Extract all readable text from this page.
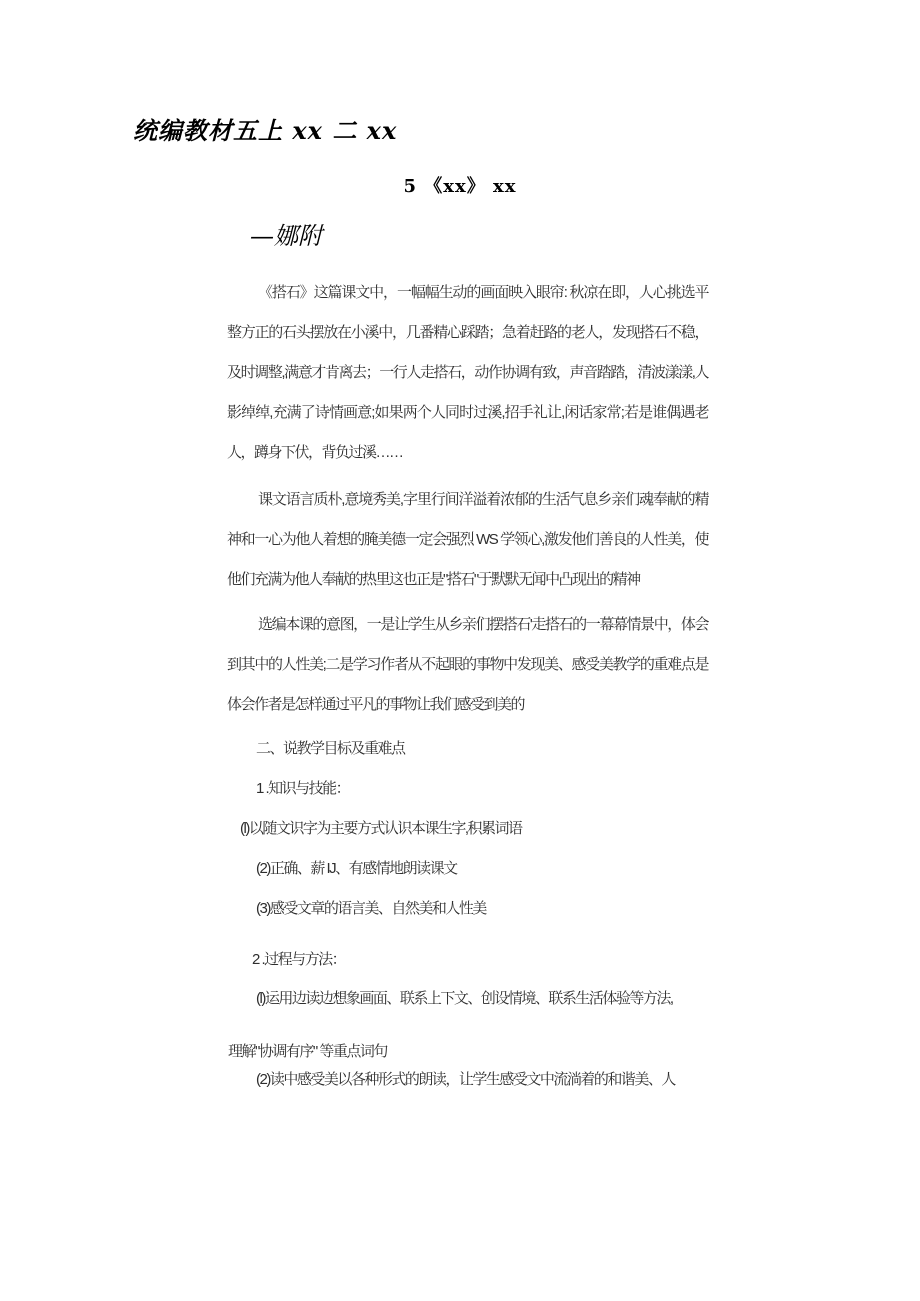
统编教材五上 xx 二 xx

5 《xx》 xx

—娜附

《搭石》这篇课文中，一幅幅生动的画面映入眼帘: 秋凉在即，人心挑选平整方正的石头摆放在小溪中，几番精心踩踏；急着赶路的老人，发现搭石不稳，及时调整,满意才肯离去；一行人走搭石，动作协调有致，声音踏踏，清波漾漾,人影绰绰,充满了诗情画意;如果两个人同时过溪,招手礼让,闲话家常;若是谁偶遇老人，蹲身下伏，背负过溪……

课文语言质朴,意境秀美,字里行间洋溢着浓郁的生活气息乡亲们魂奉献的精神和一心为他人着想的腌美德一定会强烈 WS 学领心,激发他们善良的人性美，使他们充满为他人奉献的热里这也正是"搭石"于默默无闻中凸现出的精神

选编本课的意图，一是让学生从乡亲们摆搭石'走搭石的一幕幕情景中，体会到其中的人性美;二是学习作者从不起眼的事物中发现美、感受美教学的重难点是体会作者是怎样通过平凡的事物让我们感受到美的

二、说教学目标及重难点

1 .知识与技能：

(l)以随文识字为主要方式认识本课生字,积累词语

(2)正确、薪 IJ、有感情地朗读课文

(3)感受文章的语言美、自然美和人性美

2 .过程与方法：

(l)运用边读边想象画面、联系上下文、创设情境、联系生活体验等方法,

理解"协调有序" 等重点词句

(2)读中感受美以各种形式的朗读，让学生感受文中流淌着的和谐美、人
